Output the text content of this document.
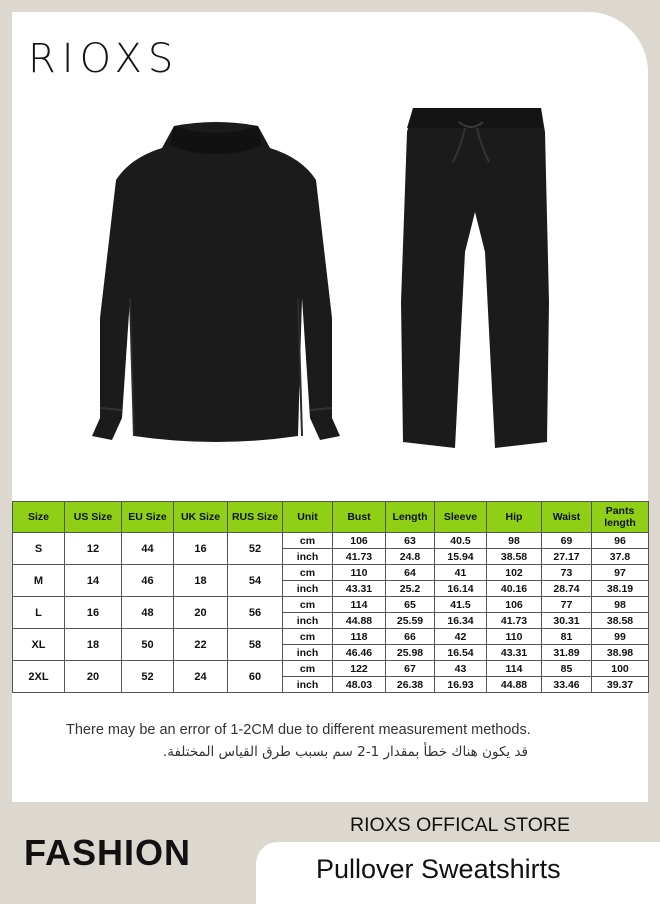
RIOXS
Size	US Size	EU Size	UK Size	RUS Size	Unit	Bust	Length	Sleeve	Hip	Waist	Pants length
S	12	44	16	52	cm	106	63	40.5	98	69	96
					inch	41.73	24.8	15.94	38.58	27.17	37.8
M	14	46	18	54	cm	110	64	41	102	73	97
					inch	43.31	25.2	16.14	40.16	28.74	38.19
L	16	48	20	56	cm	114	65	41.5	106	77	98
					inch	44.88	25.59	16.34	41.73	30.31	38.58
XL	18	50	22	58	cm	118	66	42	110	81	99
					inch	46.46	25.98	16.54	43.31	31.89	38.98
2XL	20	52	24	60	cm	122	67	43	114	85	100
					inch	48.03	26.38	16.93	44.88	33.46	39.37
There may be an error of 1-2CM due to different measurement methods.
قد يكون هناك خطأ بمقدار 1-2 سم بسبب طرق القياس المختلفة.
FASHION
RIOXS OFFICAL STORE
Pullover Sweatshirts
